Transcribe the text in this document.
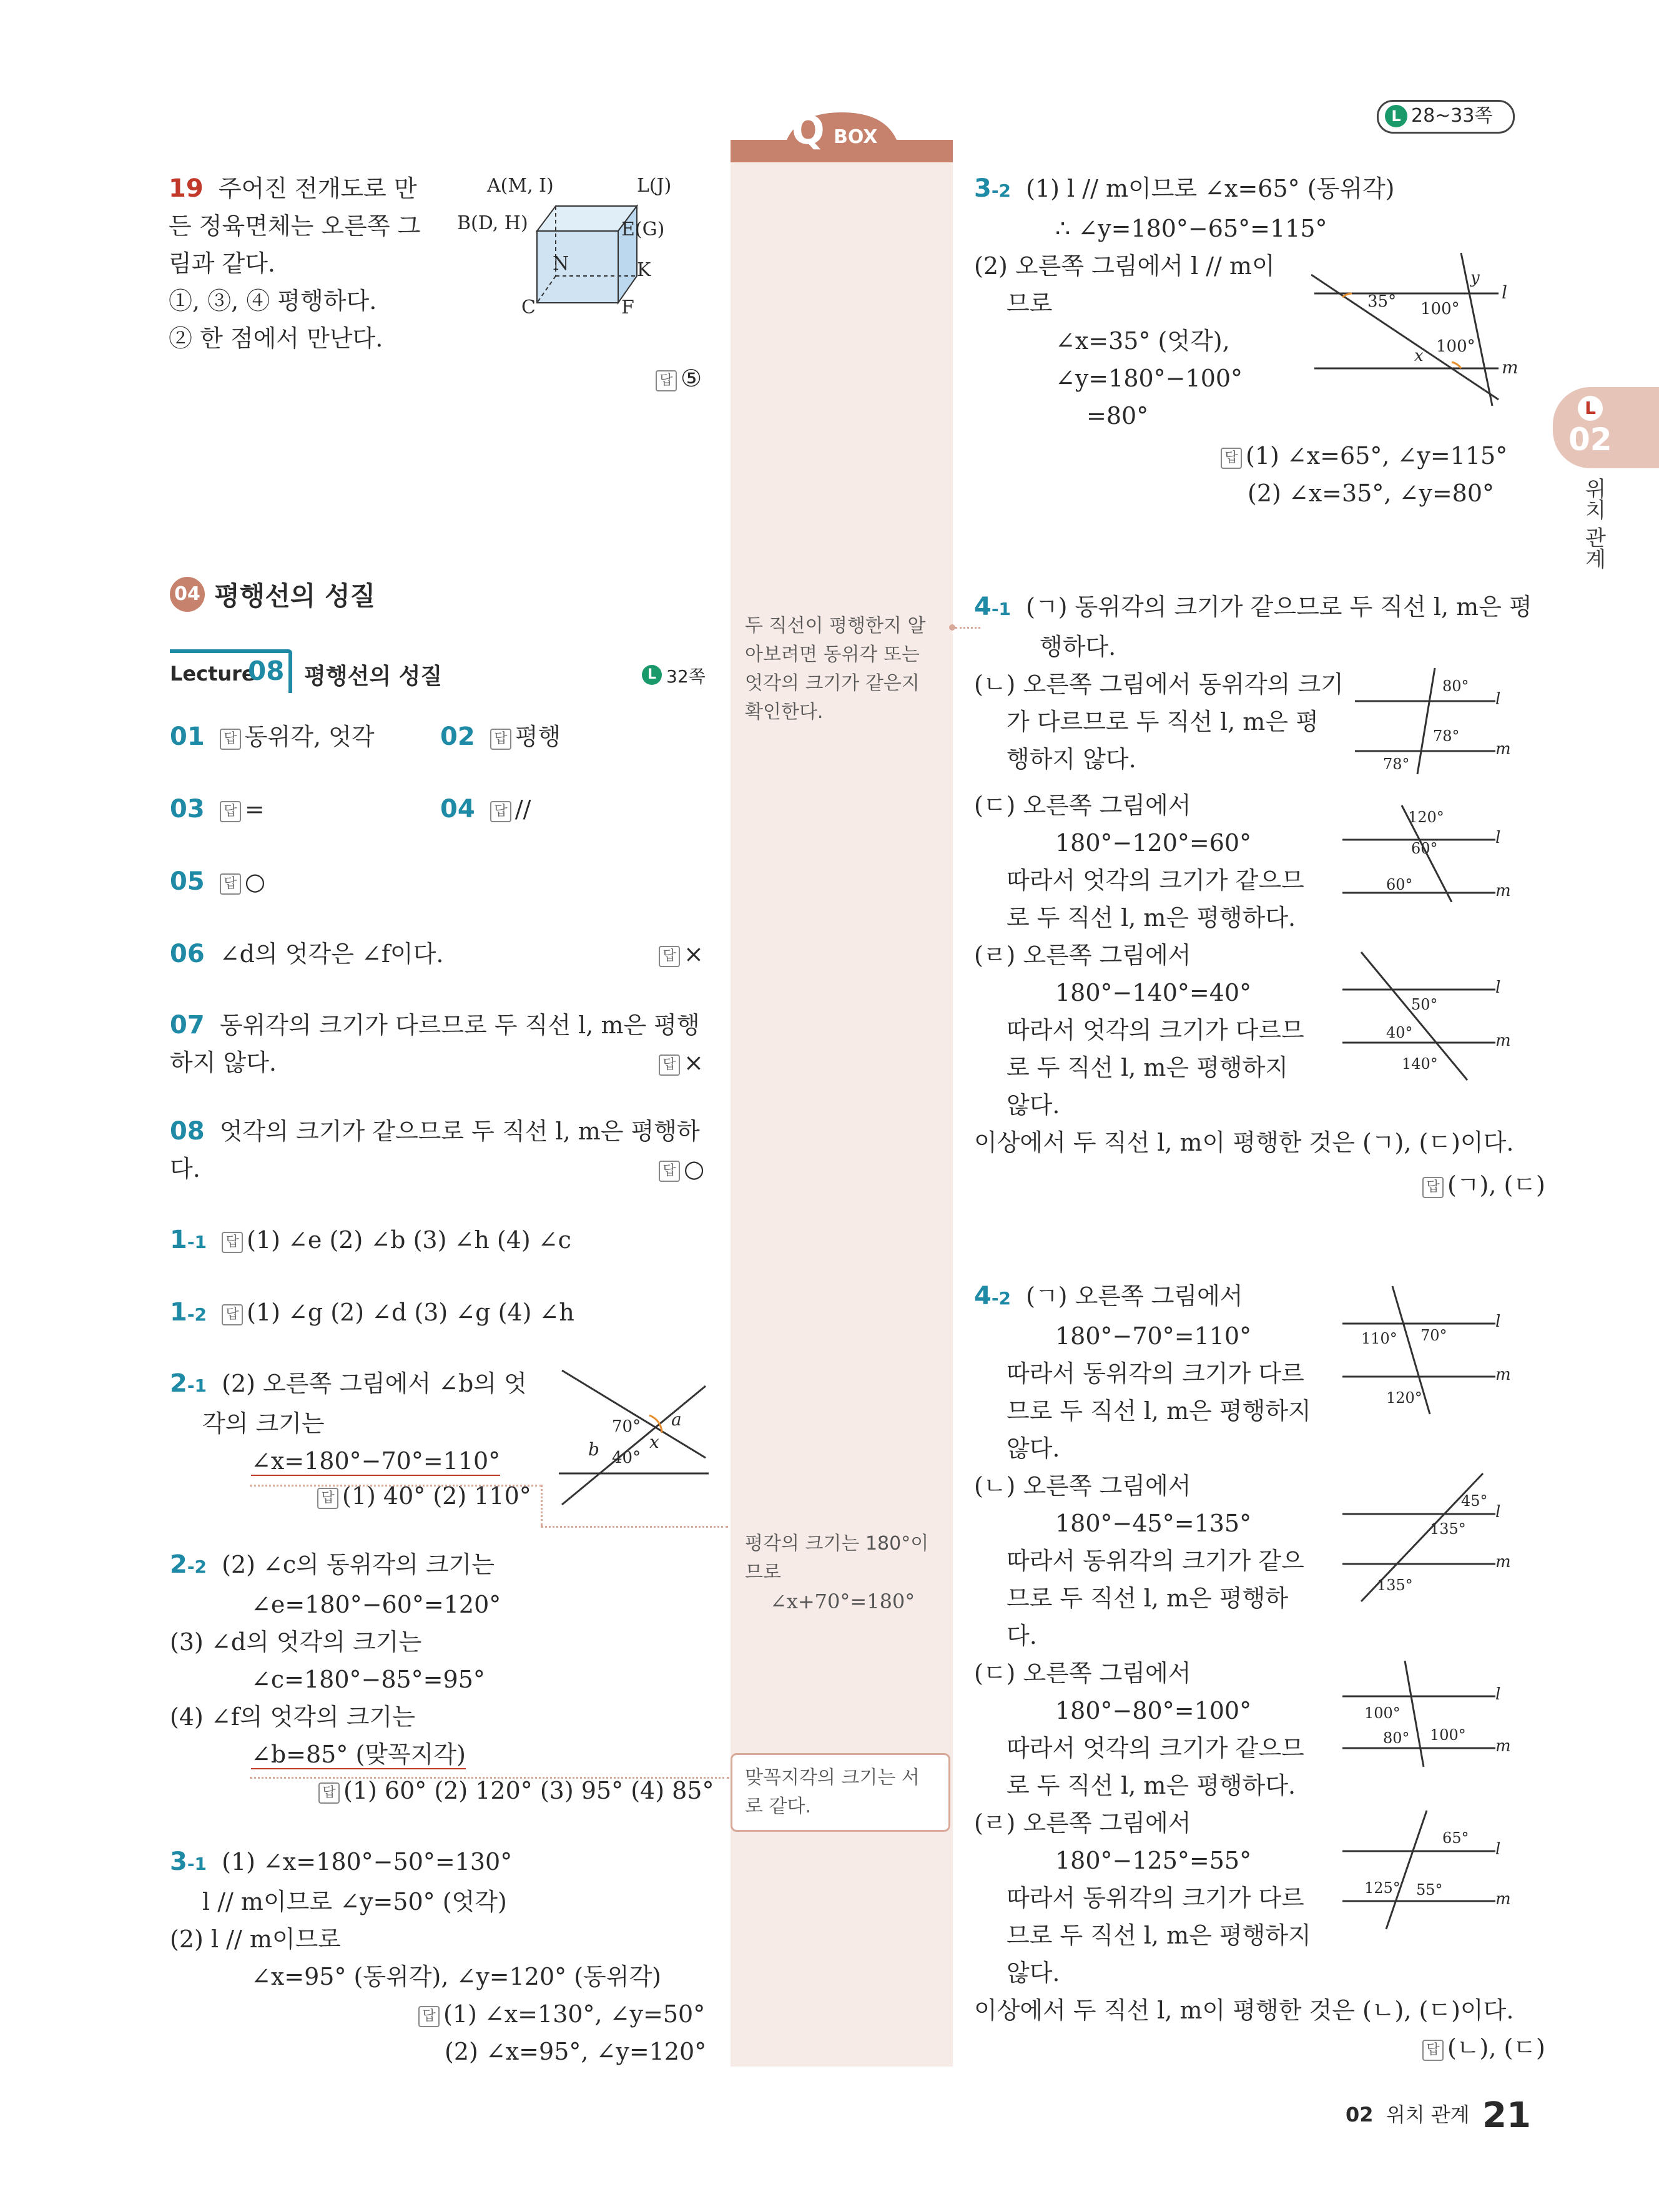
L 28~33쪽
Q BOX
두 직선이 평행한지 알
아보려면 동위각 또는
엇각의 크기가 같은지
확인한다.
평각의 크기는 180°이
므로
∠x+70°=180°
맞꼭지각의 크기는 서
로 같다.
L
02
위치 관계
19 주어진 전개도로 만
든 정육면체는 오른쪽 그
림과 같다.
①, ③, ④ 평행하다.
② 한 점에서 만난다.
답 ⑤
A(M, I)	L(J)
B(D, H)	E(G)
N	K
C	F
04 평행선의 성질
Lecture
08 평행선의 성질	L 32쪽
01 답 동위각, 엇각	02 답 평행
03 답 =	04 답 //
05 답 ○
06 ∠d의 엇각은 ∠f이다.	답 ×
07 동위각의 크기가 다르므로 두 직선 l, m은 평행
하지 않다.	답 ×
08 엇각의 크기가 같으므로 두 직선 l, m은 평행하
다.	답 ○
1-1 답 (1) ∠e (2) ∠b (3) ∠h (4) ∠c
1-2 답 (1) ∠g (2) ∠d (3) ∠g (4) ∠h
2-1 (2) 오른쪽 그림에서 ∠b의 엇
각의 크기는
∠x=180°−70°=110°
답 (1) 40° (2) 110°
70° a
x
b 40°
2-2 (2) ∠c의 동위각의 크기는
∠e=180°−60°=120°
(3) ∠d의 엇각의 크기는
∠c=180°−85°=95°
(4) ∠f의 엇각의 크기는
∠b=85° (맞꼭지각)
답 (1) 60° (2) 120° (3) 95° (4) 85°
3-1 (1) ∠x=180°−50°=130°
l // m이므로 ∠y=50° (엇각)
(2) l // m이므로
∠x=95° (동위각), ∠y=120° (동위각)
답 (1) ∠x=130°, ∠y=50°
(2) ∠x=95°, ∠y=120°
3-2 (1) l // m이므로 ∠x=65° (동위각)
∴ ∠y=180°−65°=115°
(2) 오른쪽 그림에서 l // m이
므로
∠x=35° (엇각),
∠y=180°−100°
=80°
y
35° 100°
100°
x
l
m
답 (1) ∠x=65°, ∠y=115°
(2) ∠x=35°, ∠y=80°
4-1 (ㄱ) 동위각의 크기가 같으므로 두 직선 l, m은 평
행하다.
(ㄴ) 오른쪽 그림에서 동위각의 크기
가 다르므로 두 직선 l, m은 평
행하지 않다.
(ㄷ) 오른쪽 그림에서
180°−120°=60°
따라서 엇각의 크기가 같으므
로 두 직선 l, m은 평행하다.
(ㄹ) 오른쪽 그림에서
180°−140°=40°
따라서 엇각의 크기가 다르므
로 두 직선 l, m은 평행하지
않다.
이상에서 두 직선 l, m이 평행한 것은 (ㄱ), (ㄷ)이다.
답 (ㄱ), (ㄷ)
80°
78°
78°
l
m
120°
60°
60°
l
m
50°
40°
140°
l
m
4-2 (ㄱ) 오른쪽 그림에서
180°−70°=110°
따라서 동위각의 크기가 다르
므로 두 직선 l, m은 평행하지
않다.
(ㄴ) 오른쪽 그림에서
180°−45°=135°
따라서 동위각의 크기가 같으
므로 두 직선 l, m은 평행하
다.
(ㄷ) 오른쪽 그림에서
180°−80°=100°
따라서 엇각의 크기가 같으므
로 두 직선 l, m은 평행하다.
(ㄹ) 오른쪽 그림에서
180°−125°=55°
따라서 동위각의 크기가 다르
므로 두 직선 l, m은 평행하지
않다.
이상에서 두 직선 l, m이 평행한 것은 (ㄴ), (ㄷ)이다.
답 (ㄴ), (ㄷ)
110° 70°
120°
l
m
45°
135°
135°
l
m
100°
80° 100°
l
m
65°
125° 55°
l
m
02 위치 관계 21
